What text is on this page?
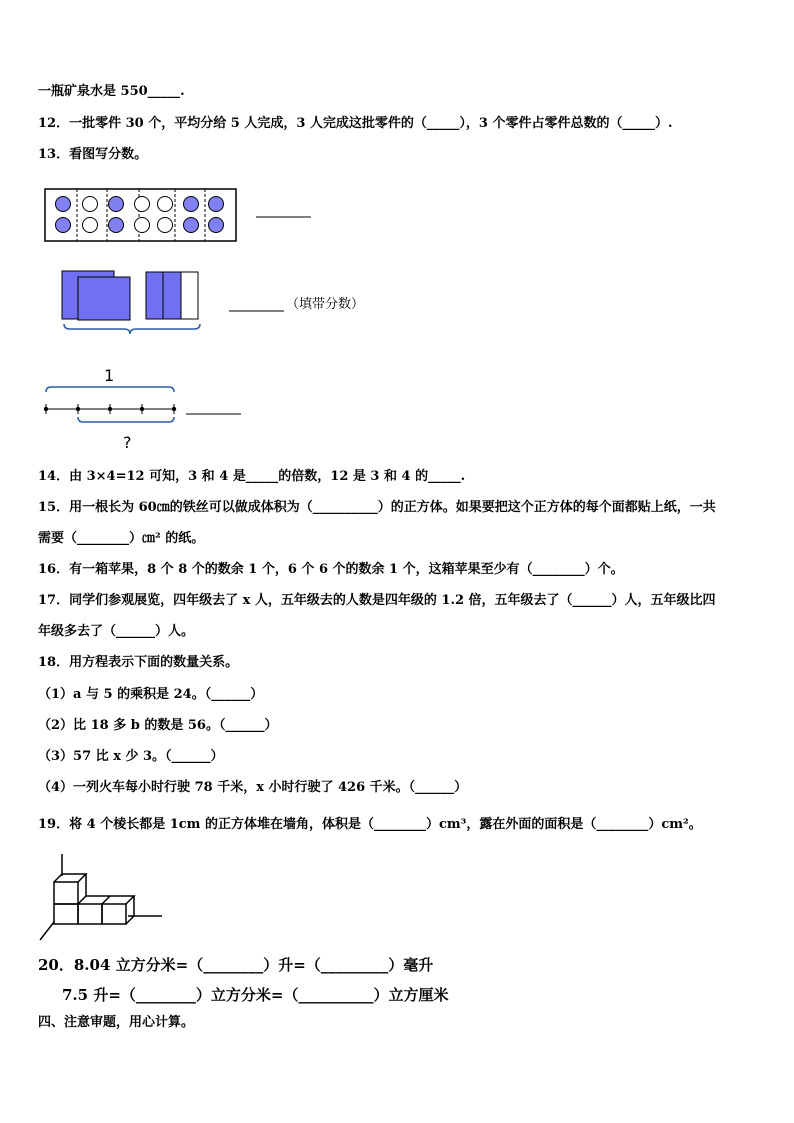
一瓶矿泉水是 550_____.
12．一批零件 30 个，平均分给 5 人完成，3 人完成这批零件的（_____），3 个零件占零件总数的（_____）.
13．看图写分数。
（填带分数）
1
?
14．由 3×4=12 可知，3 和 4 是_____的倍数，12 是 3 和 4 的_____.
15．用一根长为 60㎝的铁丝可以做成体积为（__________）的正方体。如果要把这个正方体的每个面都贴上纸，一共
需要（________）㎝² 的纸。
16．有一箱苹果，8 个 8 个的数余 1 个，6 个 6 个的数余 1 个，这箱苹果至少有（________）个。
17．同学们参观展览，四年级去了 x 人，五年级去的人数是四年级的 1.2 倍，五年级去了（______）人，五年级比四
年级多去了（______）人。
18．用方程表示下面的数量关系。
（1）a 与 5 的乘积是 24。（______）
（2）比 18 多 b 的数是 56。（______）
（3）57 比 x 少 3。（______）
（4）一列火车每小时行驶 78 千米，x 小时行驶了 426 千米。（______）
19．将 4 个棱长都是 1cm 的正方体堆在墙角，体积是（________）cm³，露在外面的面积是（________）cm²。
20．8.04 立方分米=（________）升=（_________）毫升
7.5 升=（________）立方分米=（__________）立方厘米
四、注意审题，用心计算。
